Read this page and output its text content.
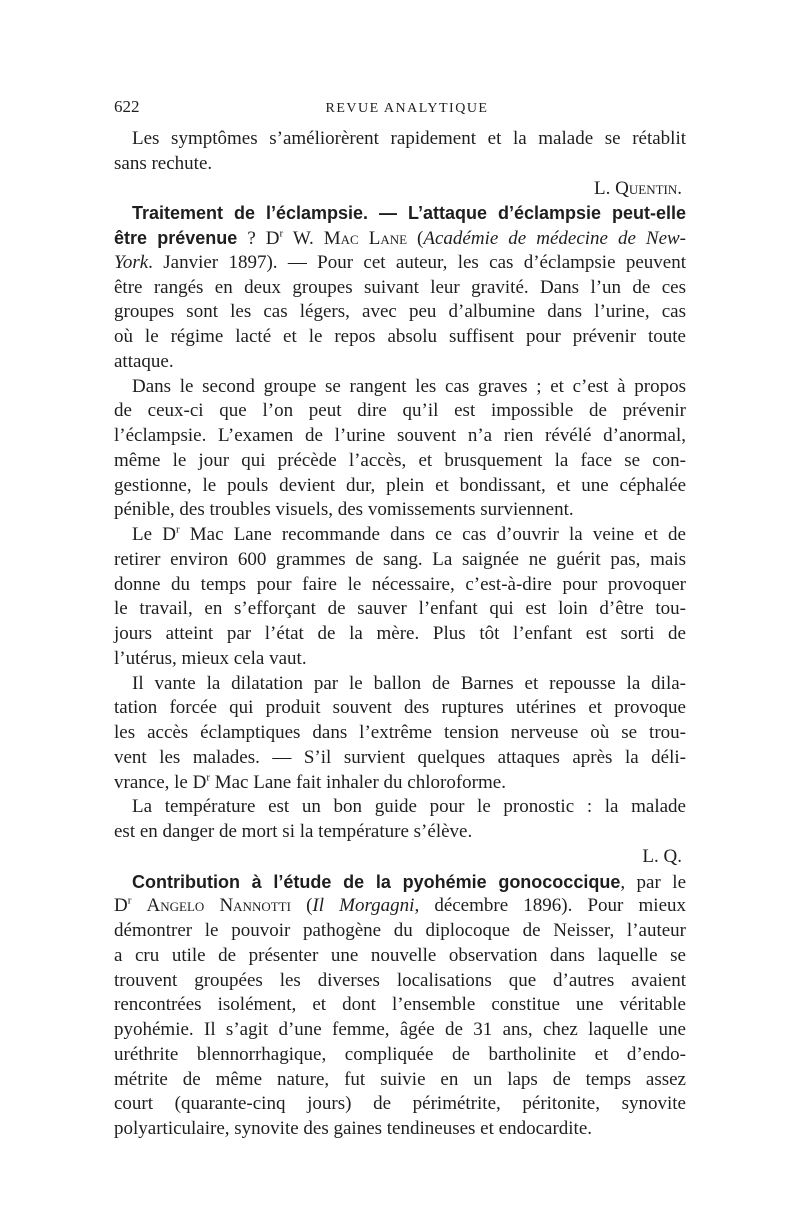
622	REVUE ANALYTIQUE
Les symptômes s’améliorèrent rapidement et la malade se rétablit
sans rechute.
L. Quentin.
Traitement de l’éclampsie. — L’attaque d’éclampsie peut-elle
être prévenue ? $D^r$ W. Mac Lane (Académie de médecine de New-
York. Janvier 1897). — Pour cet auteur, les cas d’éclampsie peuvent
être rangés en deux groupes suivant leur gravité. Dans l’un de ces
groupes sont les cas légers, avec peu d’albumine dans l’urine, cas
où le régime lacté et le repos absolu suffisent pour prévenir toute
attaque.
Dans le second groupe se rangent les cas graves ; et c’est à propos
de ceux-ci que l’on peut dire qu’il est impossible de prévenir
l’éclampsie. L’examen de l’urine souvent n’a rien révélé d’anormal,
même le jour qui précède l’accès, et brusquement la face se con-
gestionne, le pouls devient dur, plein et bondissant, et une céphalée
pénible, des troubles visuels, des vomissements surviennent.
Le $D^r$ Mac Lane recommande dans ce cas d’ouvrir la veine et de
retirer environ 600 grammes de sang. La saignée ne guérit pas, mais
donne du temps pour faire le nécessaire, c’est-à-dire pour provoquer
le travail, en s’efforçant de sauver l’enfant qui est loin d’être tou-
jours atteint par l’état de la mère. Plus tôt l’enfant est sorti de
l’utérus, mieux cela vaut.
Il vante la dilatation par le ballon de Barnes et repousse la dila-
tation forcée qui produit souvent des ruptures utérines et provoque
les accès éclamptiques dans l’extrême tension nerveuse où se trou-
vent les malades. — S’il survient quelques attaques après la déli-
vrance, le $D^r$ Mac Lane fait inhaler du chloroforme.
La température est un bon guide pour le pronostic : la malade
est en danger de mort si la température s’élève.
L. Q.
Contribution à l’étude de la pyohémie gonococcique, par le
$D^r$ Angelo Nannotti (Il Morgagni, décembre 1896). Pour mieux
démontrer le pouvoir pathogène du diplocoque de Neisser, l’auteur
a cru utile de présenter une nouvelle observation dans laquelle se
trouvent groupées les diverses localisations que d’autres avaient
rencontrées isolément, et dont l’ensemble constitue une véritable
pyohémie. Il s’agit d’une femme, âgée de 31 ans, chez laquelle une
uréthrite blennorrhagique, compliquée de bartholinite et d’endo-
métrite de même nature, fut suivie en un laps de temps assez
court (quarante-cinq jours) de périmétrite, péritonite, synovite
polyarticulaire, synovite des gaines tendineuses et endocardite.
